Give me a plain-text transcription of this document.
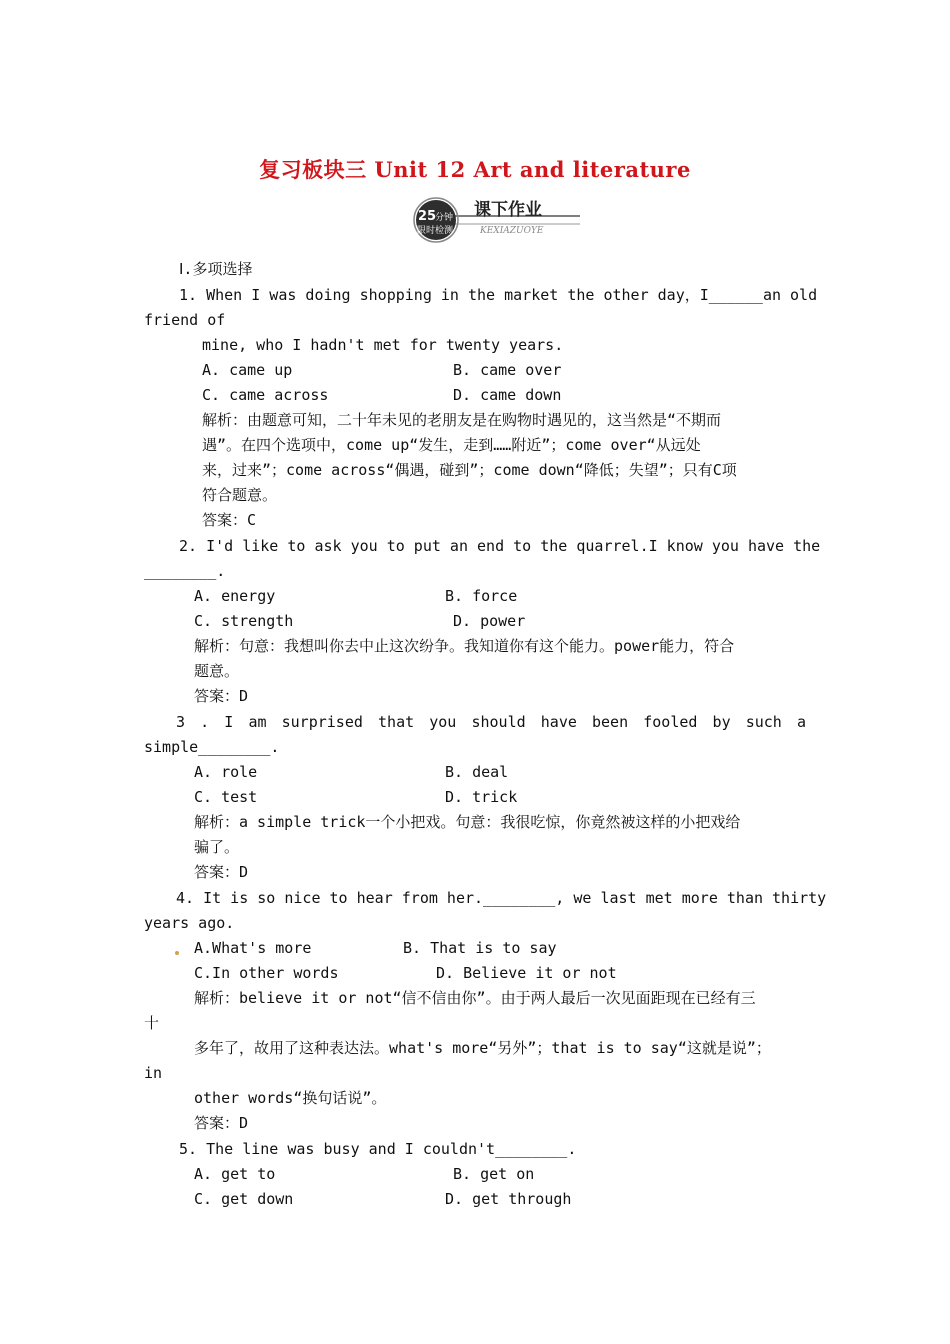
复习板块三 Unit 12 Art and literature
25
分钟
限时检测
课下作业
KEXIAZUOYE
Ⅰ.多项选择
1. When I was doing shopping in the market the other day，I______an old
friend of
mine, who I hadn't met for twenty years.
A. came up	B. came over
C. came across	D. came down
解析：由题意可知，二十年未见的老朋友是在购物时遇见的，这当然是“不期而
遇”。在四个选项中，come up“发生，走到……附近”；come over“从远处
来，过来”；come across“偶遇，碰到”；come down“降低；失望”；只有C项
符合题意。
答案：C
2. I'd like to ask you to put an end to the quarrel.I know you have the
________.
A. energy	B. force
C. strength	D. power
解析：句意：我想叫你去中止这次纷争。我知道你有这个能力。power能力，符合
题意。
答案：D
3 . I am surprised that you should have been fooled by such a
simple________.
A. role	B. deal
C. test	D. trick
解析：a simple trick一个小把戏。句意：我很吃惊，你竟然被这样的小把戏给
骗了。
答案：D
4. It is so nice to hear from her.________, we last met more than thirty
years ago.
A.What's more	B. That is to say
C.In other words	D. Believe it or not
解析：believe it or not“信不信由你”。由于两人最后一次见面距现在已经有三
十
多年了，故用了这种表达法。what's more“另外”；that is to say“这就是说”；
in
other words“换句话说”。
答案：D
5. The line was busy and I couldn't________.
A. get to	B. get on
C. get down	D. get through
